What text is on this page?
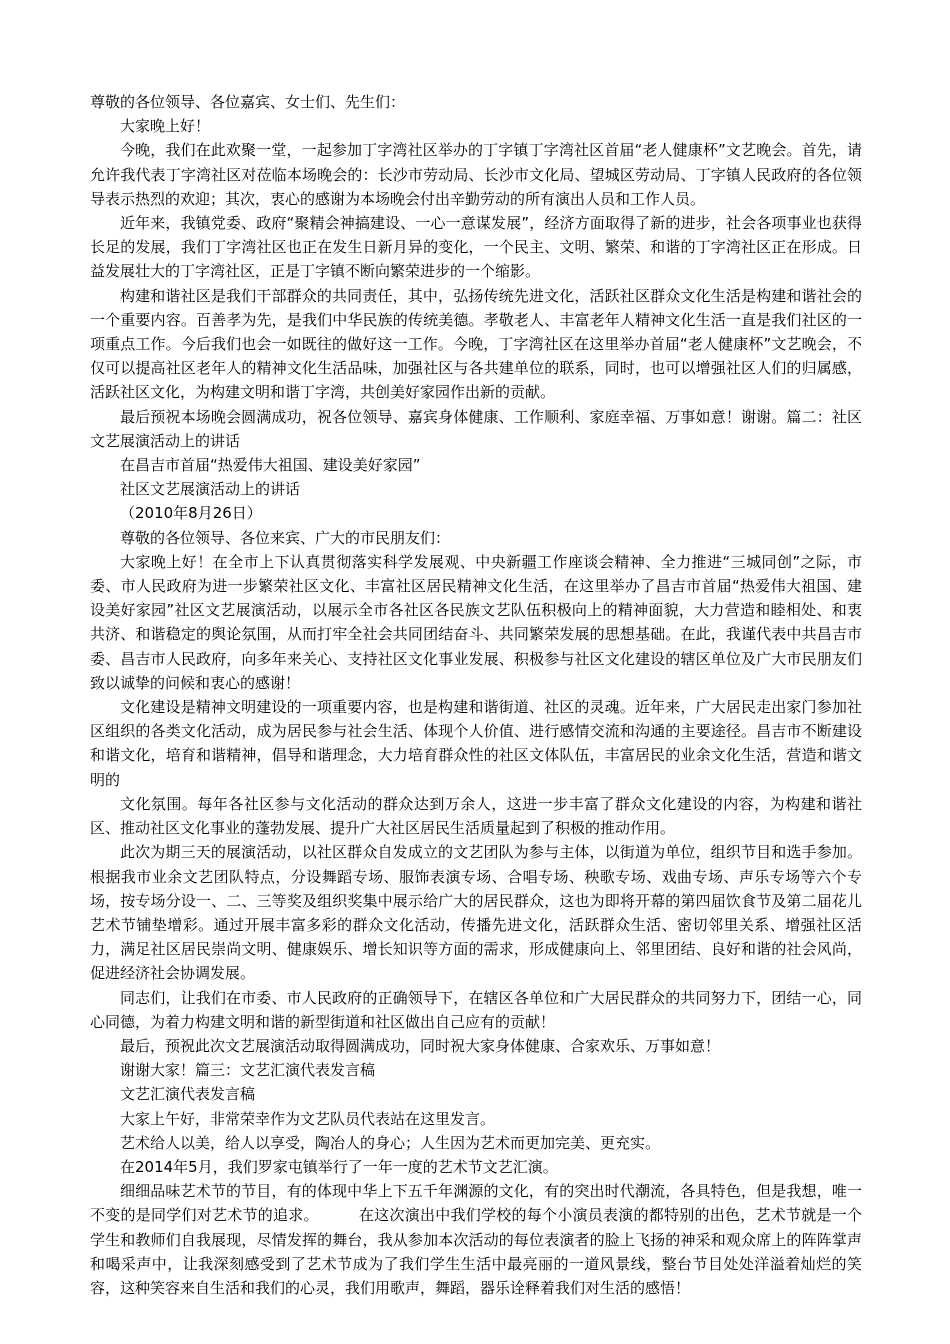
尊敬的各位领导、各位嘉宾、女士们、先生们：

大家晚上好！

今晚，我们在此欢聚一堂，一起参加丁字湾社区举办的丁字镇丁字湾社区首届“老人健康杯”文艺晚会。首先，请允许我代表丁字湾社区对莅临本场晚会的：长沙市劳动局、长沙市文化局、望城区劳动局、丁字镇人民政府的各位领导表示热烈的欢迎；其次，衷心的感谢为本场晚会付出辛勤劳动的所有演出人员和工作人员。

近年来，我镇党委、政府“聚精会神搞建设、一心一意谋发展”，经济方面取得了新的进步，社会各项事业也获得长足的发展，我们丁字湾社区也正在发生日新月异的变化，一个民主、文明、繁荣、和谐的丁字湾社区正在形成。日益发展壮大的丁字湾社区，正是丁字镇不断向繁荣进步的一个缩影。

构建和谐社区是我们干部群众的共同责任，其中，弘扬传统先进文化，活跃社区群众文化生活是构建和谐社会的一个重要内容。百善孝为先，是我们中华民族的传统美德。孝敬老人、丰富老年人精神文化生活一直是我们社区的一项重点工作。今后我们也会一如既往的做好这一工作。今晚，丁字湾社区在这里举办首届“老人健康杯”文艺晚会，不仅可以提高社区老年人的精神文化生活品味，加强社区与各共建单位的联系，同时，也可以增强社区人们的归属感，活跃社区文化，为构建文明和谐丁字湾，共创美好家园作出新的贡献。

最后预祝本场晚会圆满成功，祝各位领导、嘉宾身体健康、工作顺利、家庭幸福、万事如意！谢谢。篇二：社区文艺展演活动上的讲话

在昌吉市首届“热爱伟大祖国、建设美好家园”

社区文艺展演活动上的讲话

（2010年8月26日）

尊敬的各位领导、各位来宾、广大的市民朋友们：

大家晚上好！在全市上下认真贯彻落实科学发展观、中央新疆工作座谈会精神、全力推进“三城同创”之际，市委、市人民政府为进一步繁荣社区文化、丰富社区居民精神文化生活，在这里举办了昌吉市首届“热爱伟大祖国、建设美好家园”社区文艺展演活动，以展示全市各社区各民族文艺队伍积极向上的精神面貌，大力营造和睦相处、和衷共济、和谐稳定的舆论氛围，从而打牢全社会共同团结奋斗、共同繁荣发展的思想基础。在此，我谨代表中共昌吉市委、昌吉市人民政府，向多年来关心、支持社区文化事业发展、积极参与社区文化建设的辖区单位及广大市民朋友们致以诚挚的问候和衷心的感谢！

文化建设是精神文明建设的一项重要内容，也是构建和谐街道、社区的灵魂。近年来，广大居民走出家门参加社区组织的各类文化活动，成为居民参与社会生活、体现个人价值、进行感情交流和沟通的主要途径。昌吉市不断建设和谐文化，培育和谐精神，倡导和谐理念，大力培育群众性的社区文体队伍，丰富居民的业余文化生活，营造和谐文明的

文化氛围。每年各社区参与文化活动的群众达到万余人，这进一步丰富了群众文化建设的内容，为构建和谐社区、推动社区文化事业的蓬勃发展、提升广大社区居民生活质量起到了积极的推动作用。

此次为期三天的展演活动，以社区群众自发成立的文艺团队为参与主体，以街道为单位，组织节目和选手参加。根据我市业余文艺团队特点，分设舞蹈专场、服饰表演专场、合唱专场、秧歌专场、戏曲专场、声乐专场等六个专场，按专场分设一、二、三等奖及组织奖集中展示给广大的居民群众，这也为即将开幕的第四届饮食节及第二届花儿艺术节铺垫增彩。通过开展丰富多彩的群众文化活动，传播先进文化，活跃群众生活、密切邻里关系、增强社区活力，满足社区居民崇尚文明、健康娱乐、增长知识等方面的需求，形成健康向上、邻里团结、良好和谐的社会风尚，促进经济社会协调发展。

同志们，让我们在市委、市人民政府的正确领导下，在辖区各单位和广大居民群众的共同努力下，团结一心，同心同德，为着力构建文明和谐的新型街道和社区做出自己应有的贡献！

最后，预祝此次文艺展演活动取得圆满成功，同时祝大家身体健康、合家欢乐、万事如意！

谢谢大家！篇三：文艺汇演代表发言稿

文艺汇演代表发言稿

大家上午好，非常荣幸作为文艺队员代表站在这里发言。

艺术给人以美，给人以享受，陶冶人的身心；人生因为艺术而更加完美、更充实。

在2014年5月，我们罗家屯镇举行了一年一度的艺术节文艺汇演。

细细品味艺术节的节目，有的体现中华上下五千年渊源的文化，有的突出时代潮流，各具特色，但是我想，唯一不变的是同学们对艺术节的追求。        在这次演出中我们学校的每个小演员表演的都特别的出色，艺术节就是一个学生和教师们自我展现，尽情发挥的舞台，我从参加本次活动的每位表演者的脸上飞扬的神采和观众席上的阵阵掌声和喝采声中，让我深刻感受到了艺术节成为了我们学生生活中最亮丽的一道风景线，整台节目处处洋溢着灿烂的笑容，这种笑容来自生活和我们的心灵，我们用歌声，舞蹈，器乐诠释着我们对生活的感悟！
